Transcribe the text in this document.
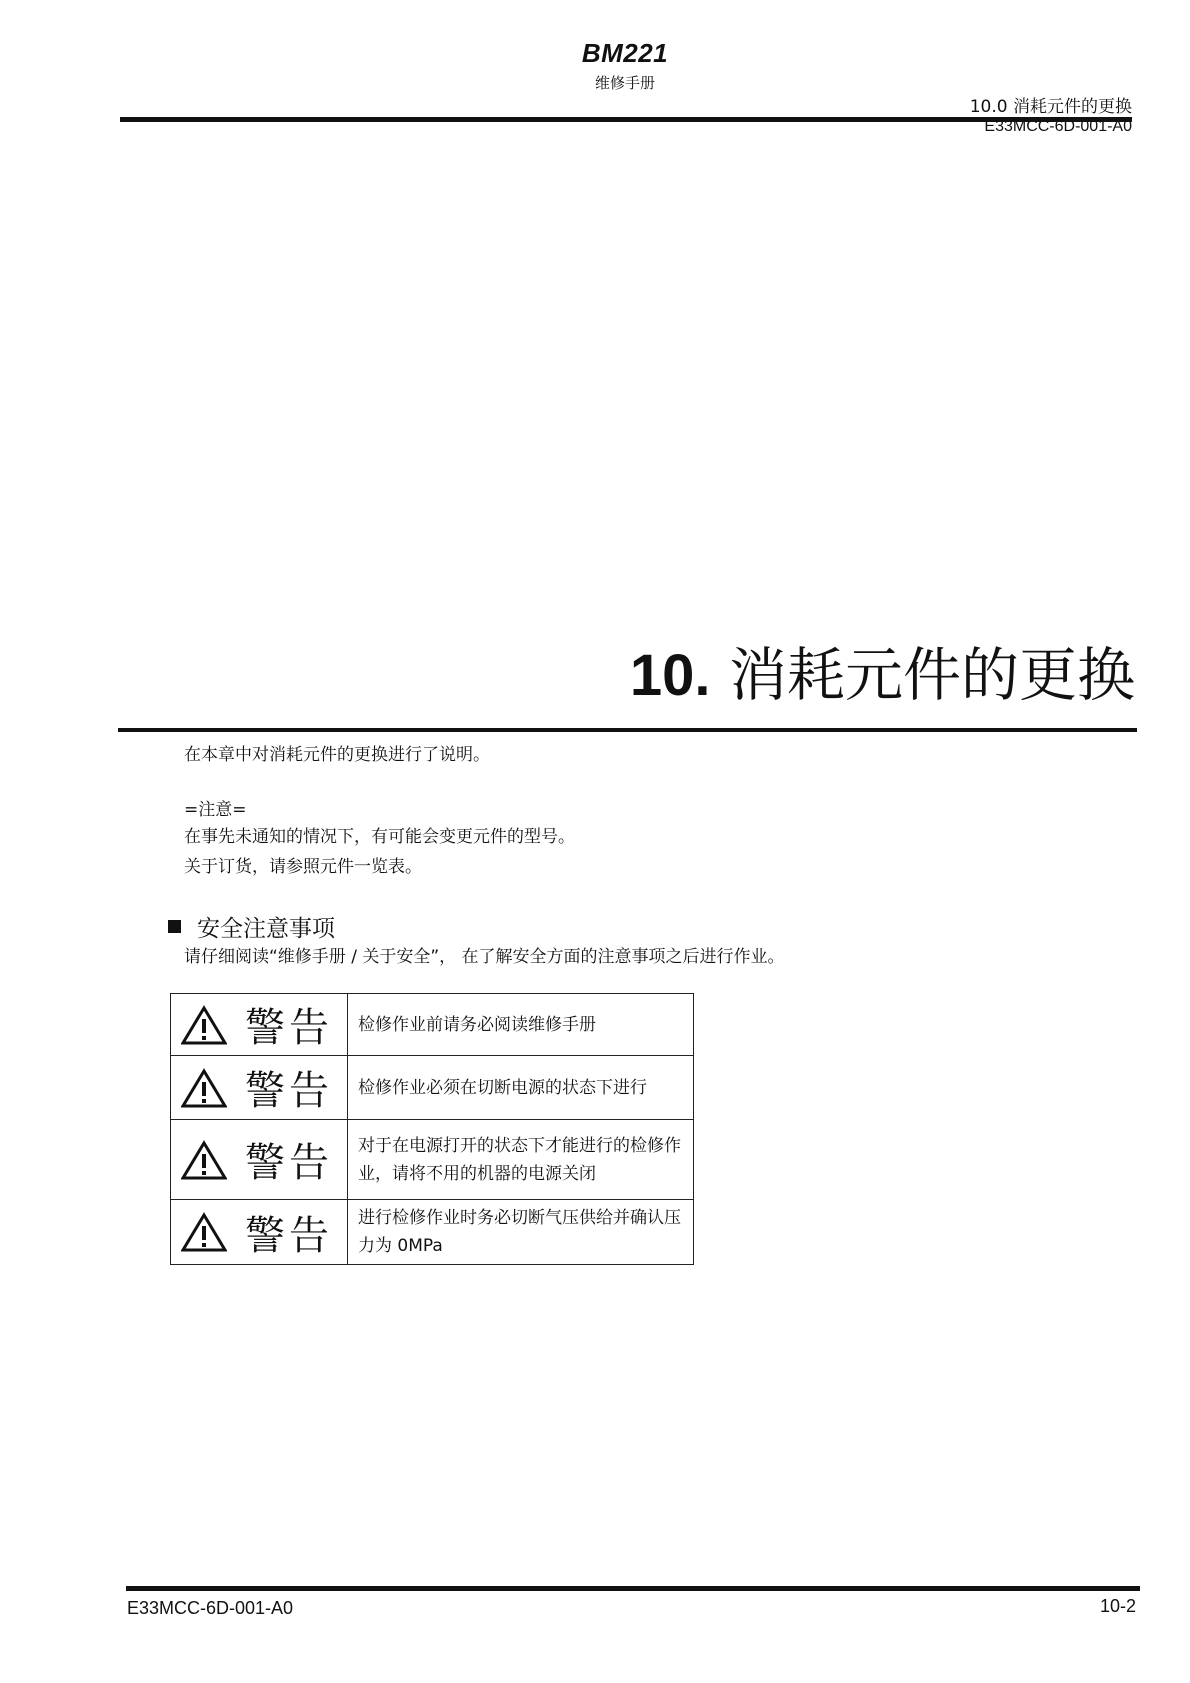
BM221
维修手册
10.0 消耗元件的更换
E33MCC-6D-001-A0
10. 消耗元件的更换
在本章中对消耗元件的更换进行了说明。
=注意=
在事先未通知的情况下，有可能会变更元件的型号。
关于订货，请参照元件一览表。
安全注意事项
请仔细阅读“维修手册 / 关于安全”， 在了解安全方面的注意事项之后进行作业。
警告	检修作业前请务必阅读维修手册

警告	检修作业必须在切断电源的状态下进行

警告	对于在电源打开的状态下才能进行的检修作业，请将不用的机器的电源关闭

警告	进行检修作业时务必切断气压供给并确认压力为 0MPa
E33MCC-6D-001-A0	10-2
